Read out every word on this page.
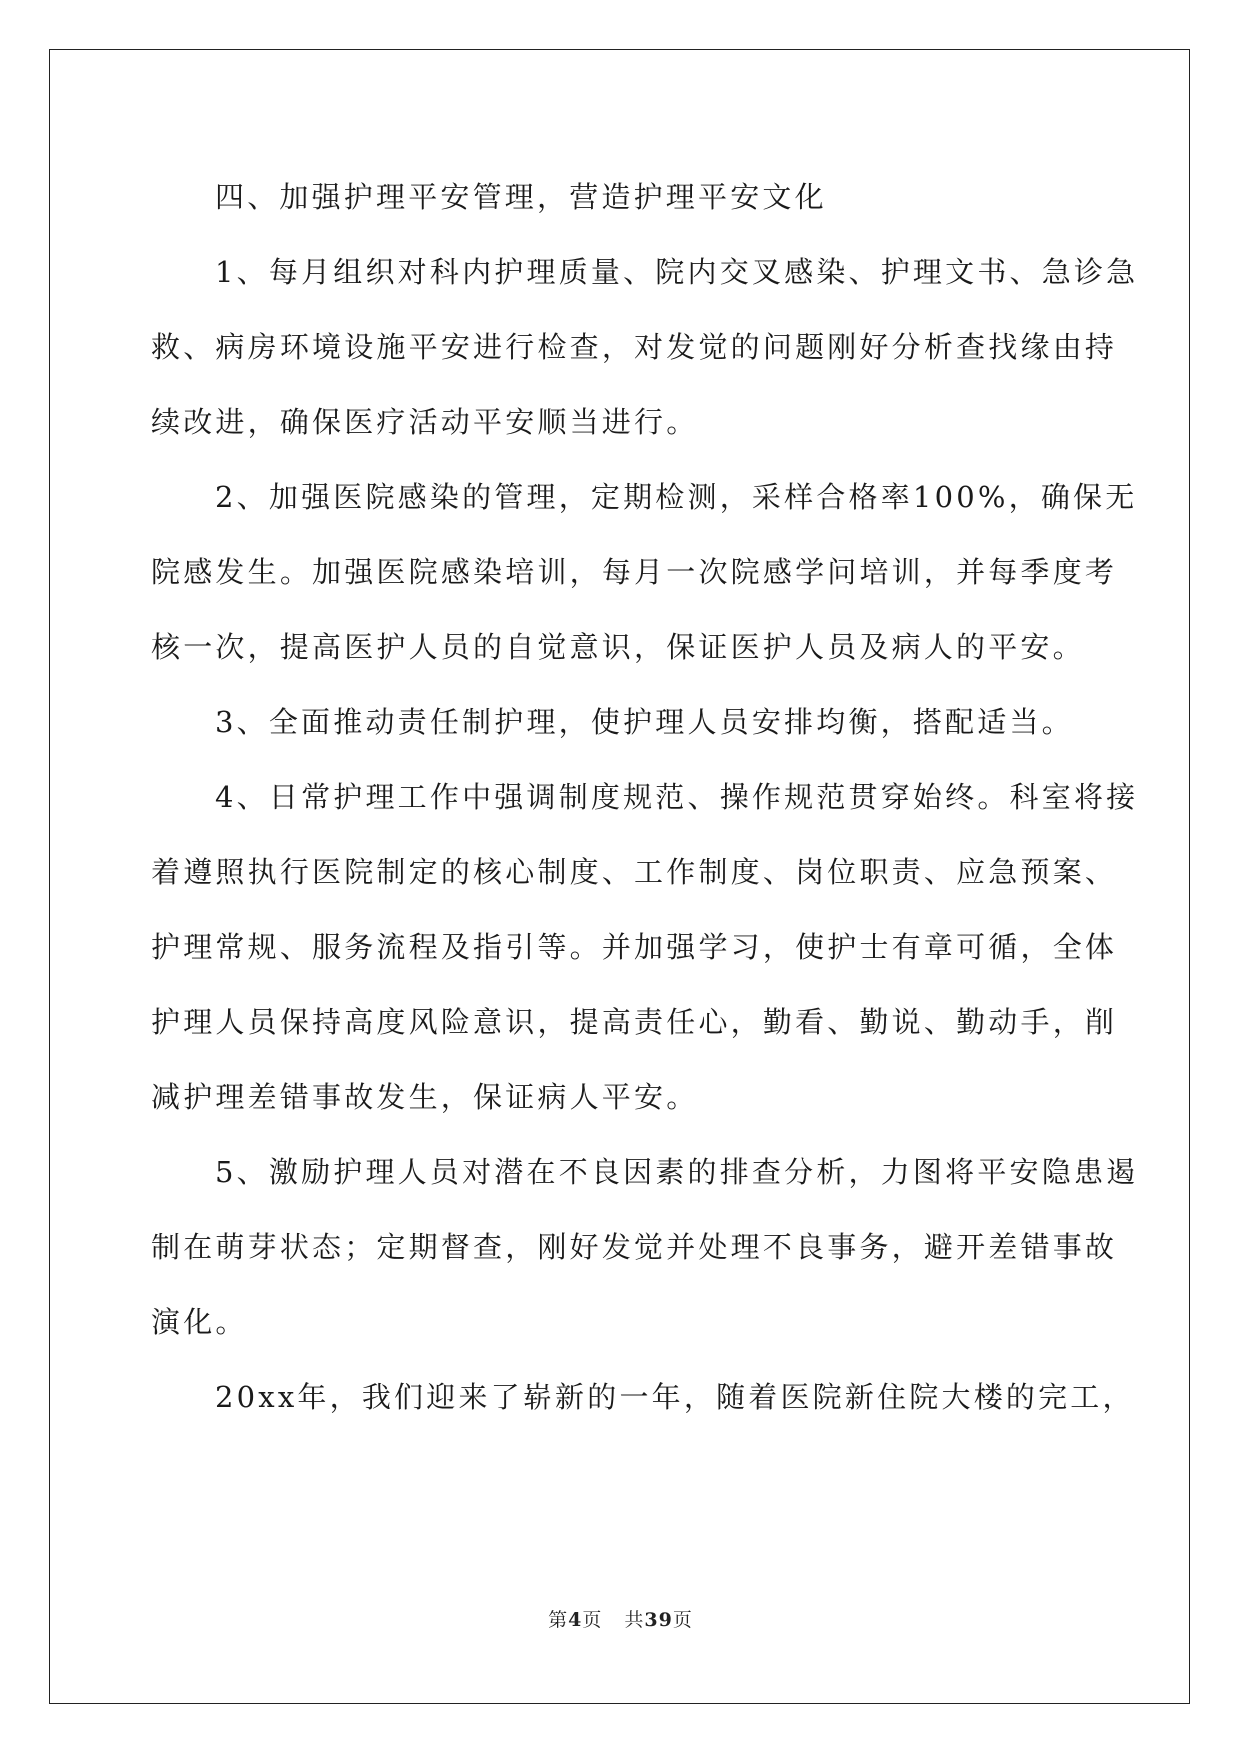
四、加强护理平安管理，营造护理平安文化
1 、 每 月 组 织 对 科 内 护 理 质 量 、 院 内 交 叉 感 染 、 护 理 文 书 、 急 诊 急
救 、 病 房 环 境 设 施 平 安 进 行 检 查 ， 对 发 觉 的 问 题 刚 好 分 析 查 找 缘 由 持
续改进，确保医疗活动平安顺当进行。
2 、 加 强 医 院 感 染 的 管 理 ， 定 期 检 测 ， 采 样 合 格 率 100% ， 确 保 无
院 感 发 生 。 加 强 医 院 感 染 培 训 ， 每 月 一 次 院 感 学 问 培 训 ， 并 每 季 度 考
核一次，提高医护人员的自觉意识，保证医护人员及病人的平安。
3、全面推动责任制护理，使护理人员安排均衡，搭配适当。
4 、 日 常 护 理 工 作 中 强 调 制 度 规 范 、 操 作 规 范 贯 穿 始 终 。 科 室 将 接
着 遵 照 执 行 医 院 制 定 的 核 心 制 度 、 工 作 制 度 、 岗 位 职 责 、 应 急 预 案 、
护 理 常 规 、 服 务 流 程 及 指 引 等 。 并 加 强 学 习 ， 使 护 士 有 章 可 循 ， 全 体
护 理 人 员 保 持 高 度 风 险 意 识 ， 提 高 责 任 心 ， 勤 看 、 勤 说 、 勤 动 手 ， 削
减护理差错事故发生，保证病人平安。
5 、 激 励 护 理 人 员 对 潜 在 不 良 因 素 的 排 查 分 析 ， 力 图 将 平 安 隐 患 遏
制 在 萌 芽 状 态 ； 定 期 督 查 ， 刚 好 发 觉 并 处 理 不 良 事 务 ， 避 开 差 错 事 故
演化。
20xx 年 ， 我 们 迎 来 了 崭 新 的 一 年 ， 随 着 医 院 新 住 院 大 楼 的 完 工 ，
第4页 共39页
